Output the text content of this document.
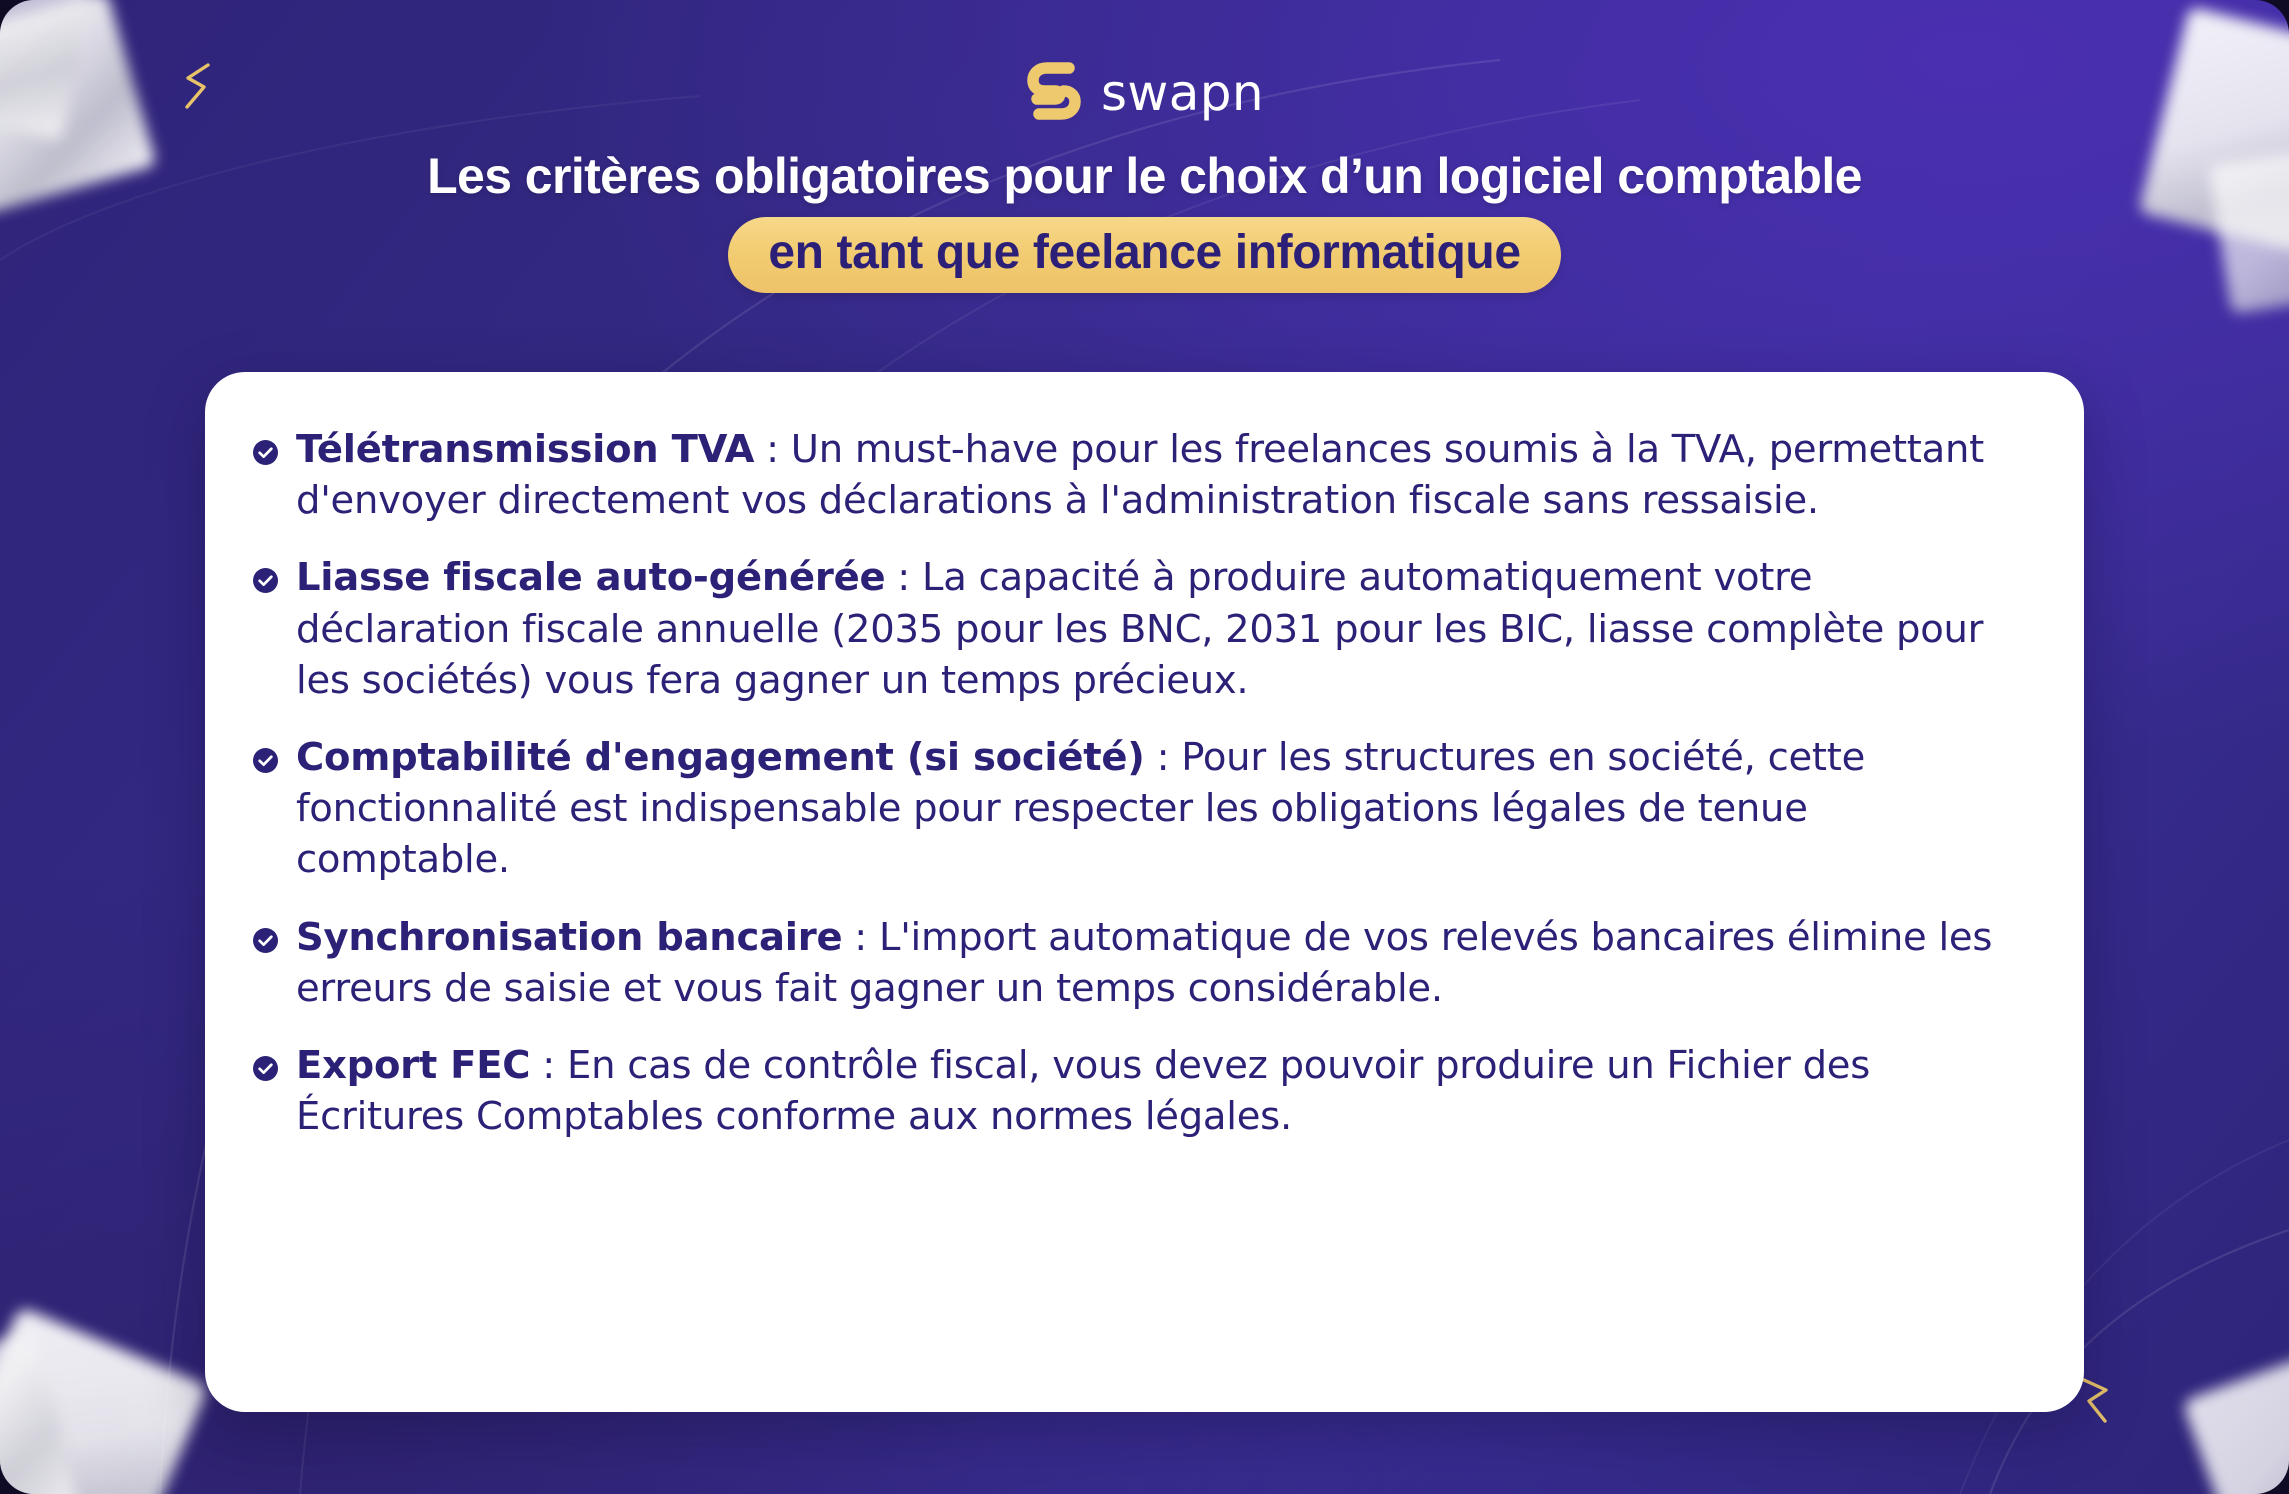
swapn
Les critères obligatoires pour le choix d’un logiciel comptable
en tant que feelance informatique
Télétransmission TVA : Un must-have pour les freelances soumis à la TVA, permettant d'envoyer directement vos déclarations à l'administration fiscale sans ressaisie.
Liasse fiscale auto-générée : La capacité à produire automatiquement votre déclaration fiscale annuelle (2035 pour les BNC, 2031 pour les BIC, liasse complète pour les sociétés) vous fera gagner un temps précieux.
Comptabilité d'engagement (si société) : Pour les structures en société, cette fonctionnalité est indispensable pour respecter les obligations légales de tenue comptable.
Synchronisation bancaire : L'import automatique de vos relevés bancaires élimine les erreurs de saisie et vous fait gagner un temps considérable.
Export FEC : En cas de contrôle fiscal, vous devez pouvoir produire un Fichier des Écritures Comptables conforme aux normes légales.
